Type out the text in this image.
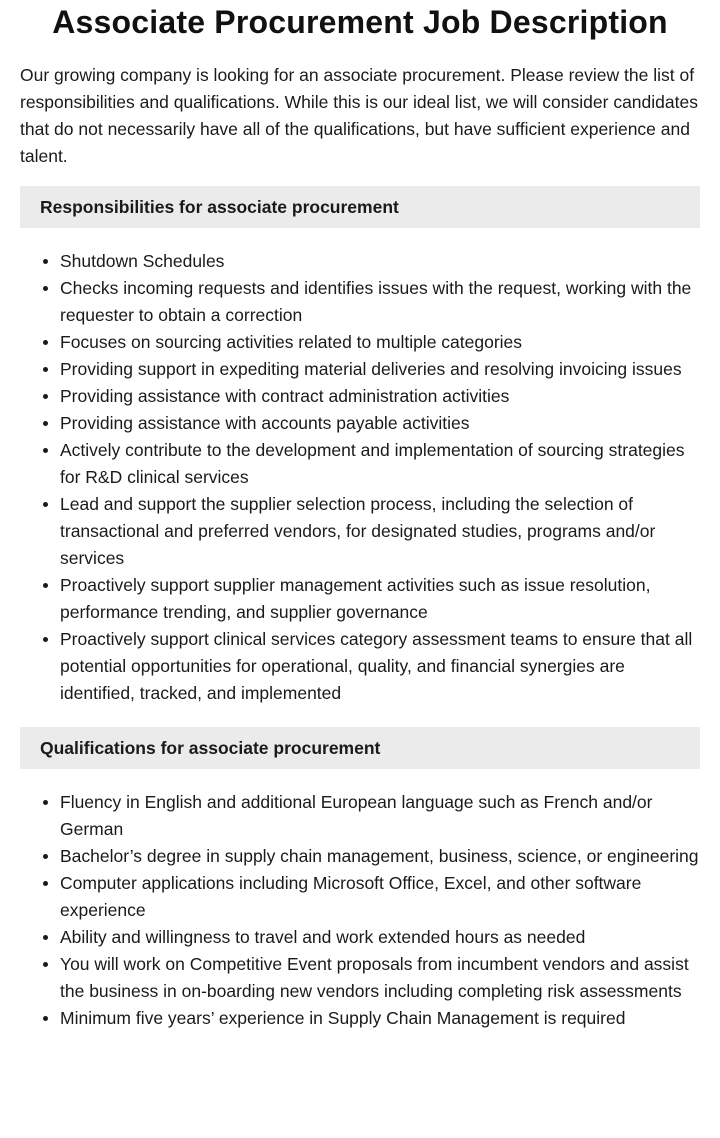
Associate Procurement Job Description

Our growing company is looking for an associate procurement. Please review the list of responsibilities and qualifications. While this is our ideal list, we will consider candidates that do not necessarily have all of the qualifications, but have sufficient experience and talent.

Responsibilities for associate procurement
Shutdown Schedules
Checks incoming requests and identifies issues with the request, working with the requester to obtain a correction
Focuses on sourcing activities related to multiple categories
Providing support in expediting material deliveries and resolving invoicing issues
Providing assistance with contract administration activities
Providing assistance with accounts payable activities
Actively contribute to the development and implementation of sourcing strategies for R&D clinical services
Lead and support the supplier selection process, including the selection of transactional and preferred vendors, for designated studies, programs and/or services
Proactively support supplier management activities such as issue resolution, performance trending, and supplier governance
Proactively support clinical services category assessment teams to ensure that all potential opportunities for operational, quality, and financial synergies are identified, tracked, and implemented
Qualifications for associate procurement
Fluency in English and additional European language such as French and/or German
Bachelor’s degree in supply chain management, business, science, or engineering
Computer applications including Microsoft Office, Excel, and other software experience
Ability and willingness to travel and work extended hours as needed
You will work on Competitive Event proposals from incumbent vendors and assist the business in on-boarding new vendors including completing risk assessments
Minimum five years’ experience in Supply Chain Management is required
